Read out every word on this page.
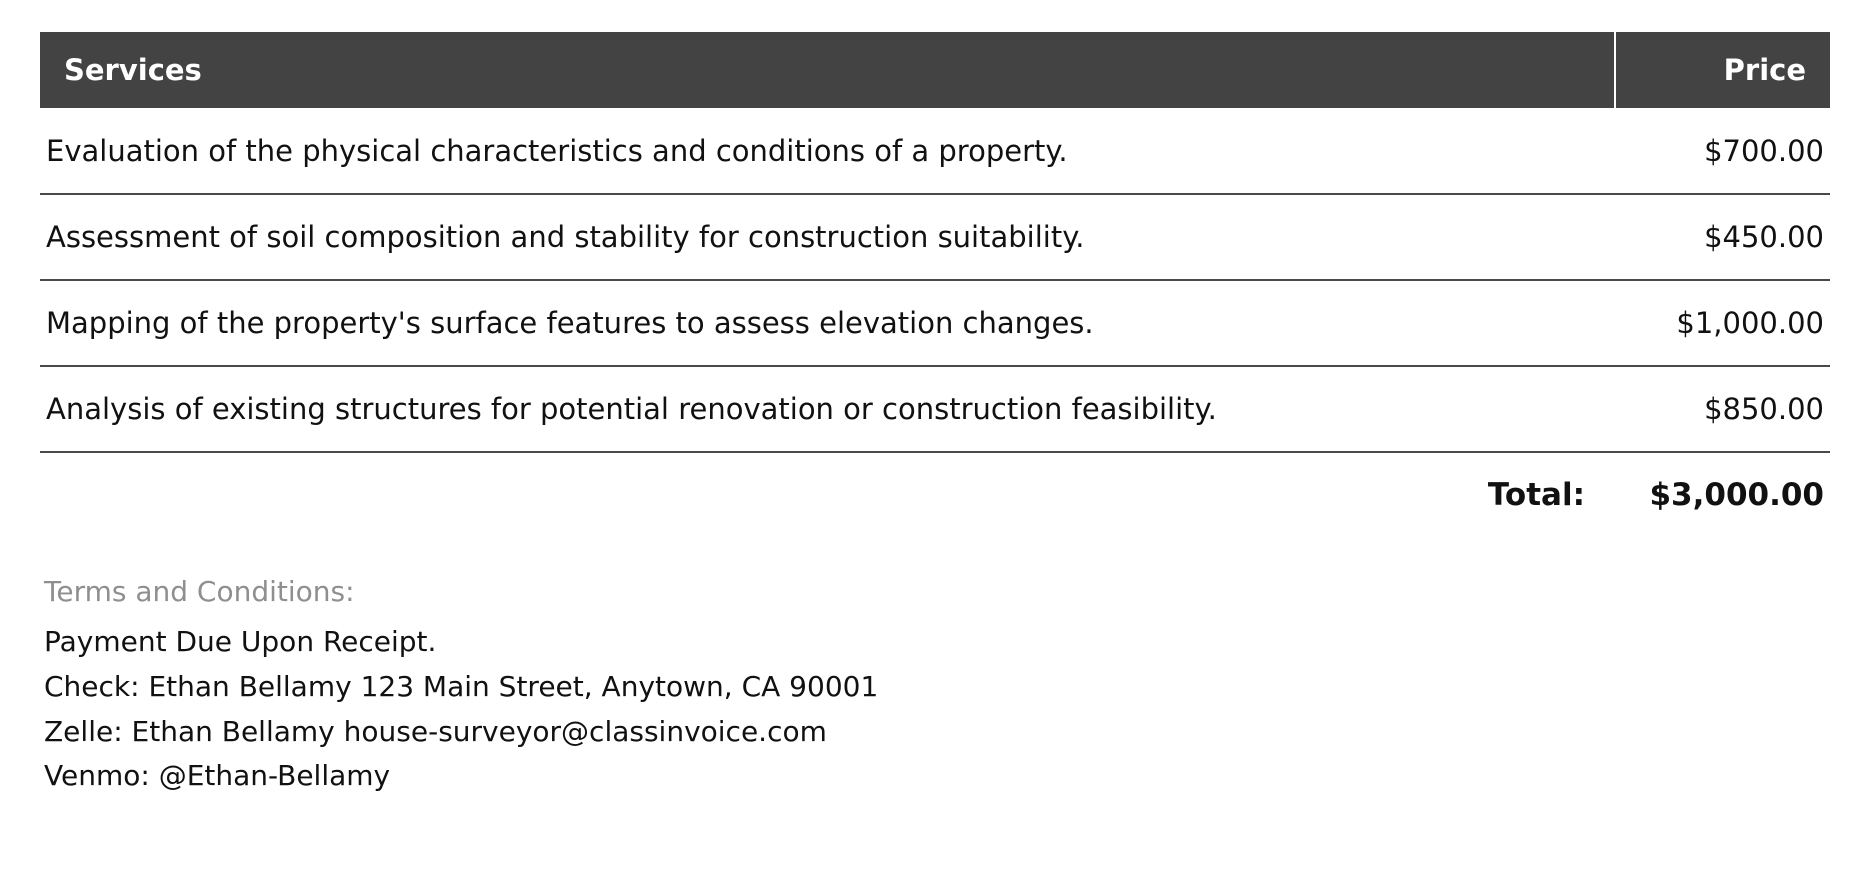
Services	Price
Evaluation of the physical characteristics and conditions of a property.	$700.00
Assessment of soil composition and stability for construction suitability.	$450.00
Mapping of the property's surface features to assess elevation changes.	$1,000.00
Analysis of existing structures for potential renovation or construction feasibility.	$850.00
Total:	$3,000.00
Terms and Conditions:
Payment Due Upon Receipt.
Check: Ethan Bellamy 123 Main Street, Anytown, CA 90001
Zelle: Ethan Bellamy house-surveyor@classinvoice.com
Venmo: @Ethan-Bellamy
